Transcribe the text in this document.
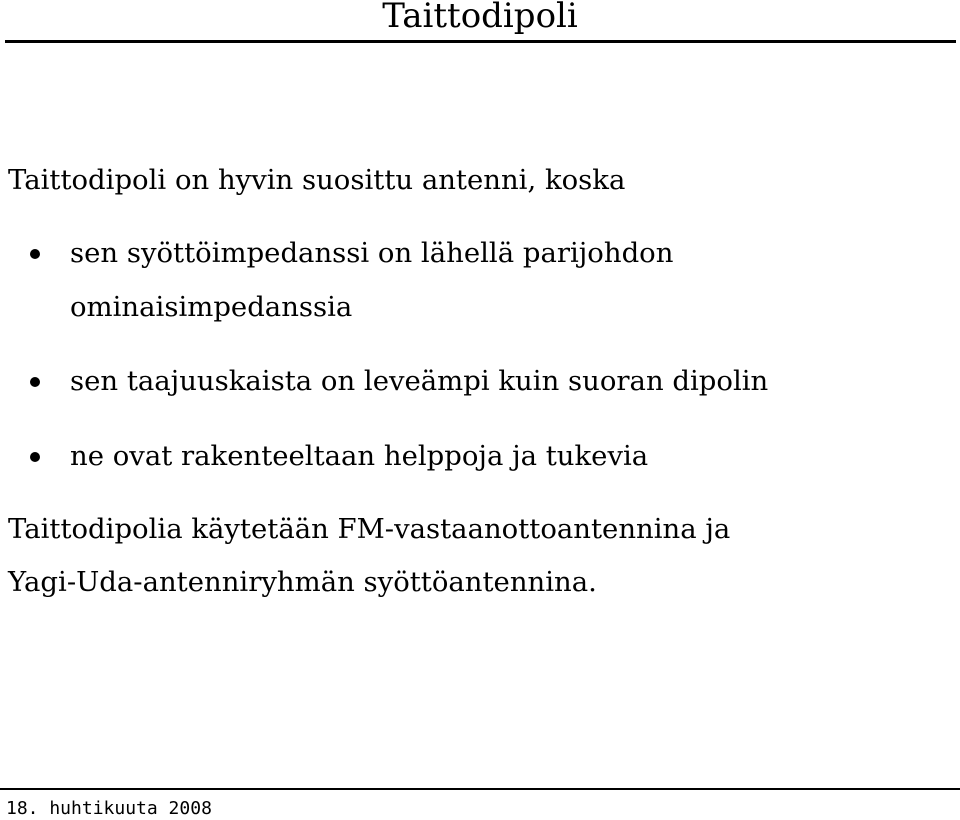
Taittodipoli
Taittodipoli on hyvin suosittu antenni, koska
sen syöttöimpedanssi on lähellä parijohdon
ominaisimpedanssia
sen taajuuskaista on leveämpi kuin suoran dipolin
ne ovat rakenteeltaan helppoja ja tukevia
Taittodipolia käytetään FM-vastaanottoantennina ja
Yagi-Uda-antenniryhmän syöttöantennina.
18. huhtikuuta 2008
